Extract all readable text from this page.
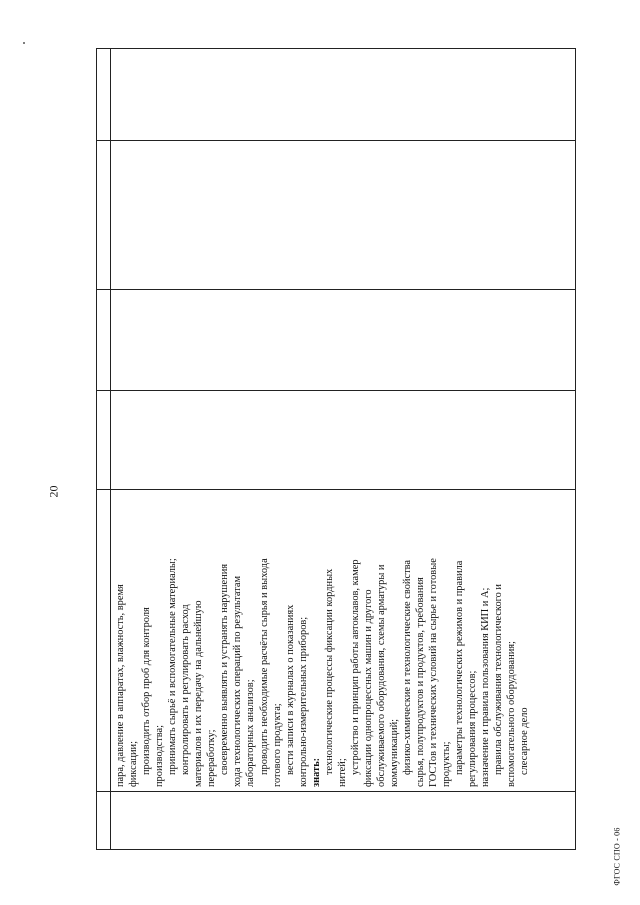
20

пара, давление в аппаратах, влажность, время фиксации; производить отбор проб для контроля производства; принимать сырьё и вспомогательные материалы; контролировать и регулировать расход материалов и их передачу на дальнейшую переработку; своевременно выявлять и устранять нарушения хода технологических операций по результатам лабораторных анализов; проводить необходимые расчёты сырья и выхода готового продукта; вести записи в журналах о показаниях контрольно-измерительных приборов; знать: технологические процессы фиксации кордных нитей; устройство и принцип работы автоклавов, камер фиксации однопроцессных машин и другого обслуживаемого оборудования, схемы арматуры и коммуникаций; физико-химические и технологические свойства сырья, полупродуктов и продуктов, требования ГОСТов и технических условий на сырье и готовые продукты; параметры технологических режимов и правила регулирования процессов; назначение и правила пользования КИП и А; правила обслуживания технологического и вспомогательного оборудования; слесарное дело

ФГОС СПО - 06
